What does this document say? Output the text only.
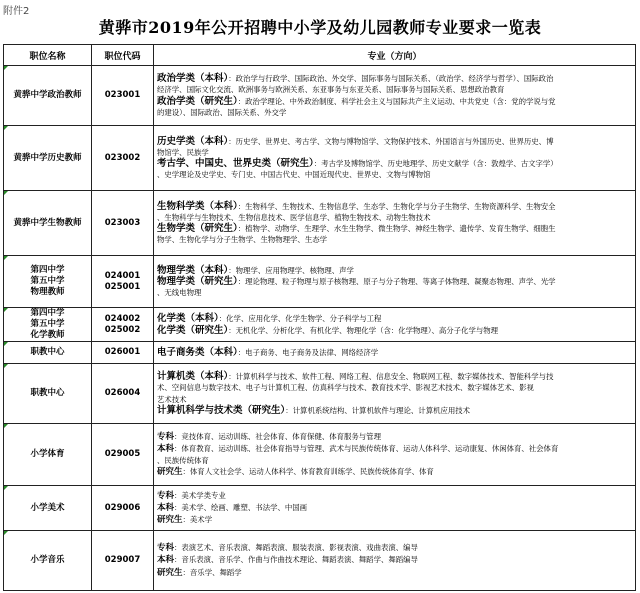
附件2
黄骅市2019年公开招聘中小学及幼儿园教师专业要求一览表
职位名称	职位代码	专业（方向）
黄骅中学政治教师	023001	政治学类（本科）：政治学与行政学、国际政治、外交学、国际事务与国际关系、（政治学、经济学与哲学）、国际政治
经济学、国际文化交流、欧洲事务与欧洲关系、东亚事务与东亚关系、国际事务与国际关系、思想政治教育
政治学类（研究生）：政治学理论、中外政治制度、科学社会主义与国际共产主义运动、中共党史（含：党的学说与党
的建设）、国际政治、国际关系、外交学

黄骅中学历史教师	023002	历史学类（本科）：历史学、世界史、考古学、文物与博物馆学、文物保护技术、外国语言与外国历史、世界历史、博
物馆学、民族学
考古学、中国史、世界史类（研究生）：考古学及博物馆学、历史地理学、历史文献学（含：敦煌学、古文字学）
、史学理论及史学史、专门史、中国古代史、中国近现代史、世界史、文物与博物馆

黄骅中学生物教师	023003	生物科学类（本科）：生物科学、生物技术、生物信息学、生态学、生物化学与分子生物学、生物资源科学、生物安全
、生物科学与生物技术、生物信息技术、医学信息学、植物生物技术、动物生物技术
生物学类（研究生）：植物学、动物学、生理学、水生生物学、微生物学、神经生物学、遗传学、发育生物学、细胞生
物学、生物化学与分子生物学、生物物理学、生态学

第四中学
第五中学
物理教师	024001
025001	物理学类（本科）：物理学、应用物理学、核物理、声学
物理学类（研究生）：理论物理、粒子物理与原子核物理、原子与分子物理、等离子体物理、凝聚态物理、声学、光学
、无线电物理

第四中学
第五中学
化学教师	024002
025002	化学类（本科）：化学、应用化学、化学生物学、分子科学与工程
化学类（研究生）：无机化学、分析化学、有机化学、物理化学（含：化学物理）、高分子化学与物理

职教中心	026001	电子商务类（本科）：电子商务、电子商务及法律、网络经济学

职教中心	026004	计算机类（本科）：计算机科学与技术、软件工程、网络工程、信息安全、物联网工程、数字媒体技术、智能科学与技
术、空间信息与数字技术、电子与计算机工程、仿真科学与技术、教育技术学、影视艺术技术、数字媒体艺术、影视
艺术技术
计算机科学与技术类（研究生）：计算机系统结构、计算机软件与理论、计算机应用技术

小学体育	029005	专科：竞技体育、运动训练、社会体育、体育保健、体育服务与管理
本科：体育教育、运动训练、社会体育指导与管理、武术与民族传统体育、运动人体科学、运动康复、休闲体育、社会体育
、民族传统体育
研究生：体育人文社会学、运动人体科学、体育教育训练学、民族传统体育学、体育

小学美术	029006	专科：美术学类专业
本科：美术学、绘画、雕塑、书法学、中国画
研究生：美术学

小学音乐	029007	专科：表演艺术、音乐表演、舞蹈表演、服装表演、影视表演、戏曲表演、编导
本科：音乐表演、音乐学、作曲与作曲技术理论、舞蹈表演、舞蹈学、舞蹈编导
研究生：音乐学、舞蹈学
